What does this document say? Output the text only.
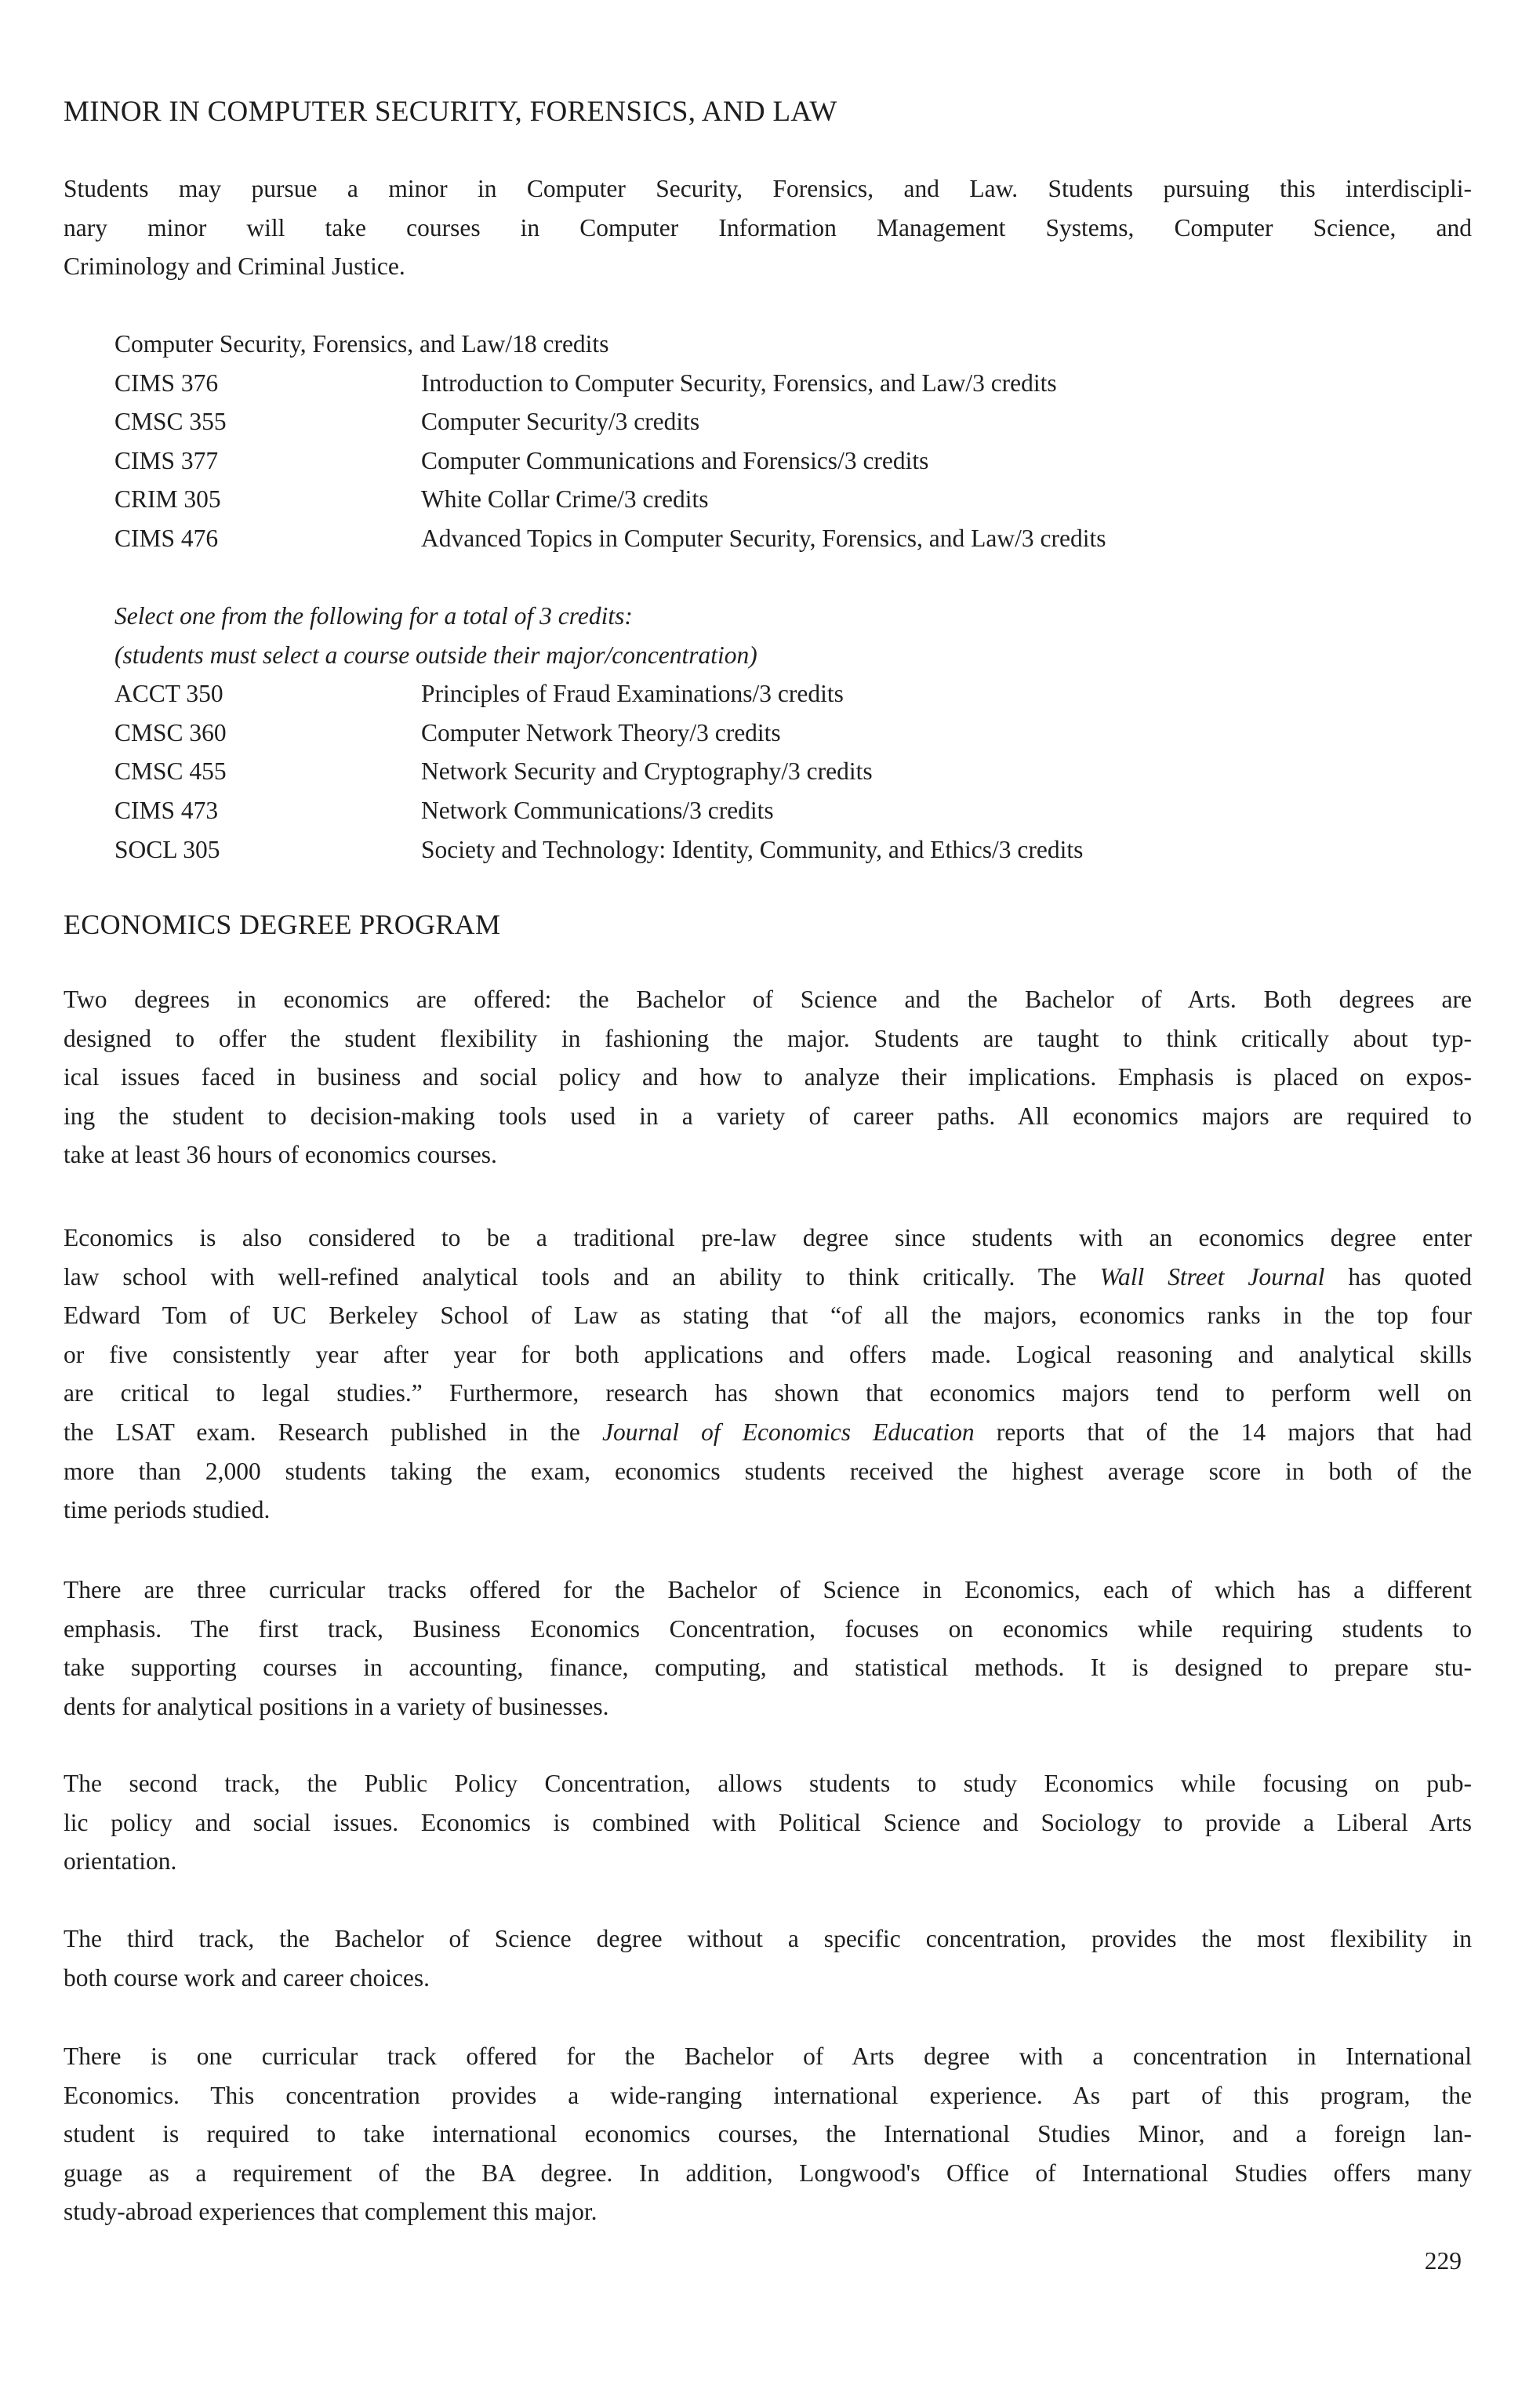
MINOR IN COMPUTER SECURITY, FORENSICS, AND LAW
Students may pursue a minor in Computer Security, Forensics, and Law. Students pursuing this interdiscipli-
nary minor will take courses in Computer Information Management Systems, Computer Science, and
Criminology and Criminal Justice.
Computer Security, Forensics, and Law/18 credits
CIMS 376	Introduction to Computer Security, Forensics, and Law/3 credits
CMSC 355	Computer Security/3 credits
CIMS 377	Computer Communications and Forensics/3 credits
CRIM 305	White Collar Crime/3 credits
CIMS 476	Advanced Topics in Computer Security, Forensics, and Law/3 credits
Select one from the following for a total of 3 credits:
(students must select a course outside their major/concentration)
ACCT 350	Principles of Fraud Examinations/3 credits
CMSC 360	Computer Network Theory/3 credits
CMSC 455	Network Security and Cryptography/3 credits
CIMS 473	Network Communications/3 credits
SOCL 305	Society and Technology: Identity, Community, and Ethics/3 credits
ECONOMICS DEGREE PROGRAM
Two degrees in economics are offered: the Bachelor of Science and the Bachelor of Arts. Both degrees are
designed to offer the student flexibility in fashioning the major. Students are taught to think critically about typ-
ical issues faced in business and social policy and how to analyze their implications. Emphasis is placed on expos-
ing the student to decision-making tools used in a variety of career paths. All economics majors are required to
take at least 36 hours of economics courses.
Economics is also considered to be a traditional pre-law degree since students with an economics degree enter
law school with well-refined analytical tools and an ability to think critically. The Wall Street Journal has quoted
Edward Tom of UC Berkeley School of Law as stating that “of all the majors, economics ranks in the top four
or five consistently year after year for both applications and offers made. Logical reasoning and analytical skills
are critical to legal studies.” Furthermore, research has shown that economics majors tend to perform well on
the LSAT exam. Research published in the Journal of Economics Education reports that of the 14 majors that had
more than 2,000 students taking the exam, economics students received the highest average score in both of the
time periods studied.
There are three curricular tracks offered for the Bachelor of Science in Economics, each of which has a different
emphasis. The first track, Business Economics Concentration, focuses on economics while requiring students to
take supporting courses in accounting, finance, computing, and statistical methods. It is designed to prepare stu-
dents for analytical positions in a variety of businesses.
The second track, the Public Policy Concentration, allows students to study Economics while focusing on pub-
lic policy and social issues. Economics is combined with Political Science and Sociology to provide a Liberal Arts
orientation.
The third track, the Bachelor of Science degree without a specific concentration, provides the most flexibility in
both course work and career choices.
There is one curricular track offered for the Bachelor of Arts degree with a concentration in International
Economics. This concentration provides a wide-ranging international experience. As part of this program, the
student is required to take international economics courses, the International Studies Minor, and a foreign lan-
guage as a requirement of the BA degree. In addition, Longwood's Office of International Studies offers many
study-abroad experiences that complement this major.
229
